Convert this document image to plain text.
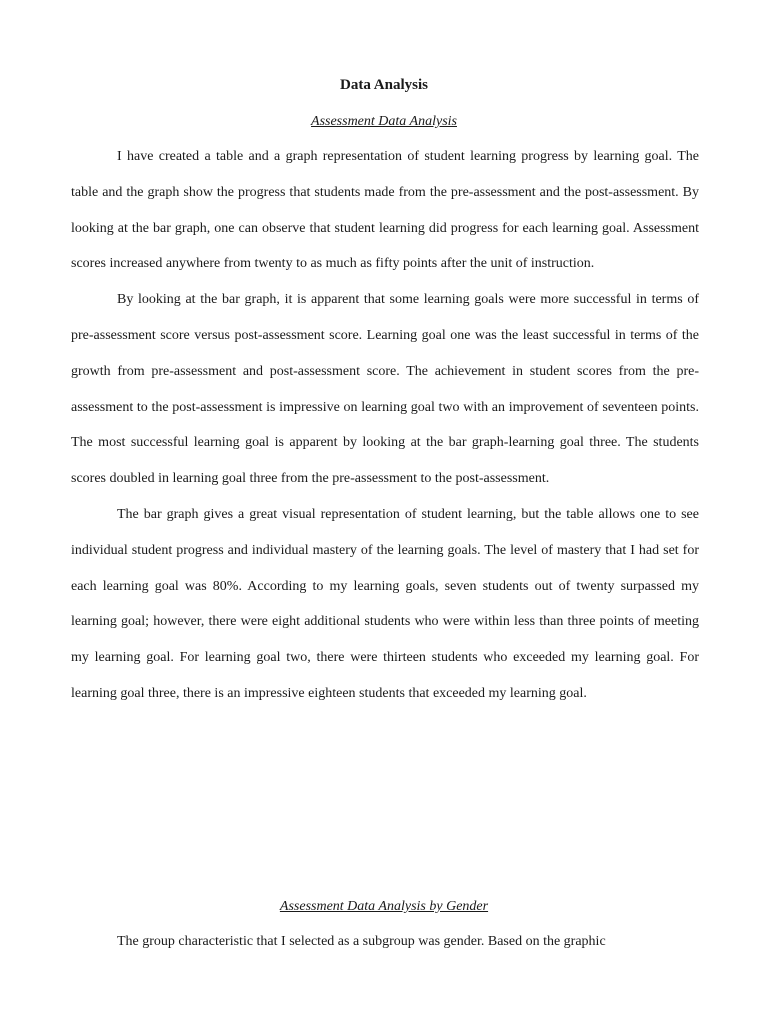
Data Analysis
Assessment Data Analysis

I have created a table and a graph representation of student learning progress by learning goal. The table and the graph show the progress that students made from the pre-assessment and the post-assessment. By looking at the bar graph, one can observe that student learning did progress for each learning goal. Assessment scores increased anywhere from twenty to as much as fifty points after the unit of instruction.

By looking at the bar graph, it is apparent that some learning goals were more successful in terms of pre-assessment score versus post-assessment score. Learning goal one was the least successful in terms of the growth from pre-assessment and post-assessment score. The achievement in student scores from the pre-assessment to the post-assessment is impressive on learning goal two with an improvement of seventeen points. The most successful learning goal is apparent by looking at the bar graph-learning goal three. The students scores doubled in learning goal three from the pre-assessment to the post-assessment.

The bar graph gives a great visual representation of student learning, but the table allows one to see individual student progress and individual mastery of the learning goals. The level of mastery that I had set for each learning goal was 80%. According to my learning goals, seven students out of twenty surpassed my learning goal; however, there were eight additional students who were within less than three points of meeting my learning goal. For learning goal two, there were thirteen students who exceeded my learning goal. For learning goal three, there is an impressive eighteen students that exceeded my learning goal.

Assessment Data Analysis by Gender

The group characteristic that I selected as a subgroup was gender. Based on the graphic
